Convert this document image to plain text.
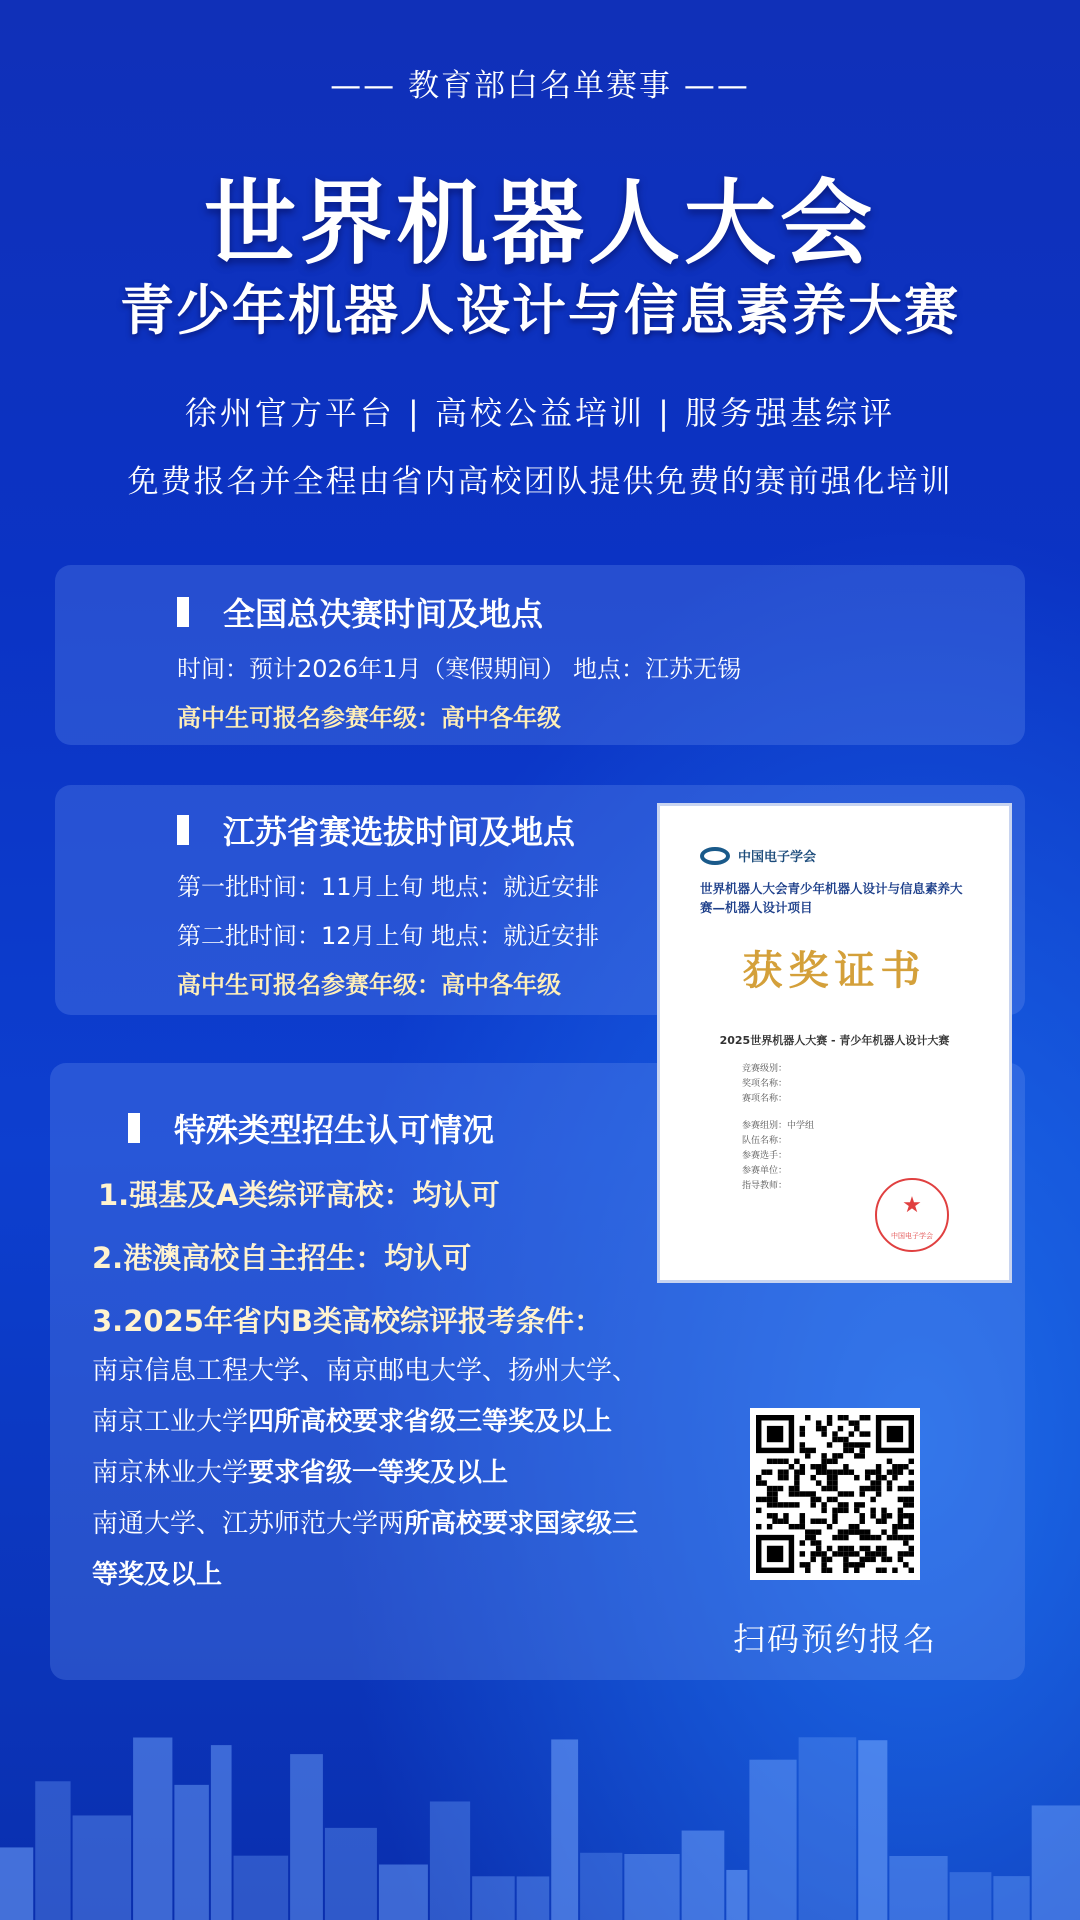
—— 教育部白名单赛事 ——
世界机器人大会
青少年机器人设计与信息素养大赛
徐州官方平台 | 高校公益培训 | 服务强基综评
免费报名并全程由省内高校团队提供免费的赛前强化培训
全国总决赛时间及地点
时间：预计2026年1月（寒假期间） 地点：江苏无锡
高中生可报名参赛年级：高中各年级
江苏省赛选拔时间及地点
第一批时间：11月上旬 地点：就近安排
第二批时间：12月上旬 地点：就近安排
高中生可报名参赛年级：高中各年级
特殊类型招生认可情况
1.强基及A类综评高校：均认可
2.港澳高校自主招生：均认可
3.2025年省内B类高校综评报考条件：
南京信息工程大学、南京邮电大学、扬州大学、南京工业大学四所高校要求省级三等奖及以上
南京林业大学要求省级一等奖及以上
南通大学、江苏师范大学两所高校要求国家级三等奖及以上
中国电子学会
世界机器人大会青少年机器人设计与信息素养大赛—机器人设计项目
获奖证书
2025世界机器人大赛 - 青少年机器人设计大赛
竞赛级别：
奖项名称：
赛项名称：
参赛组别：中学组
队伍名称：
参赛选手：
参赛单位：
指导教师：
★
中国电子学会
扫码预约报名
